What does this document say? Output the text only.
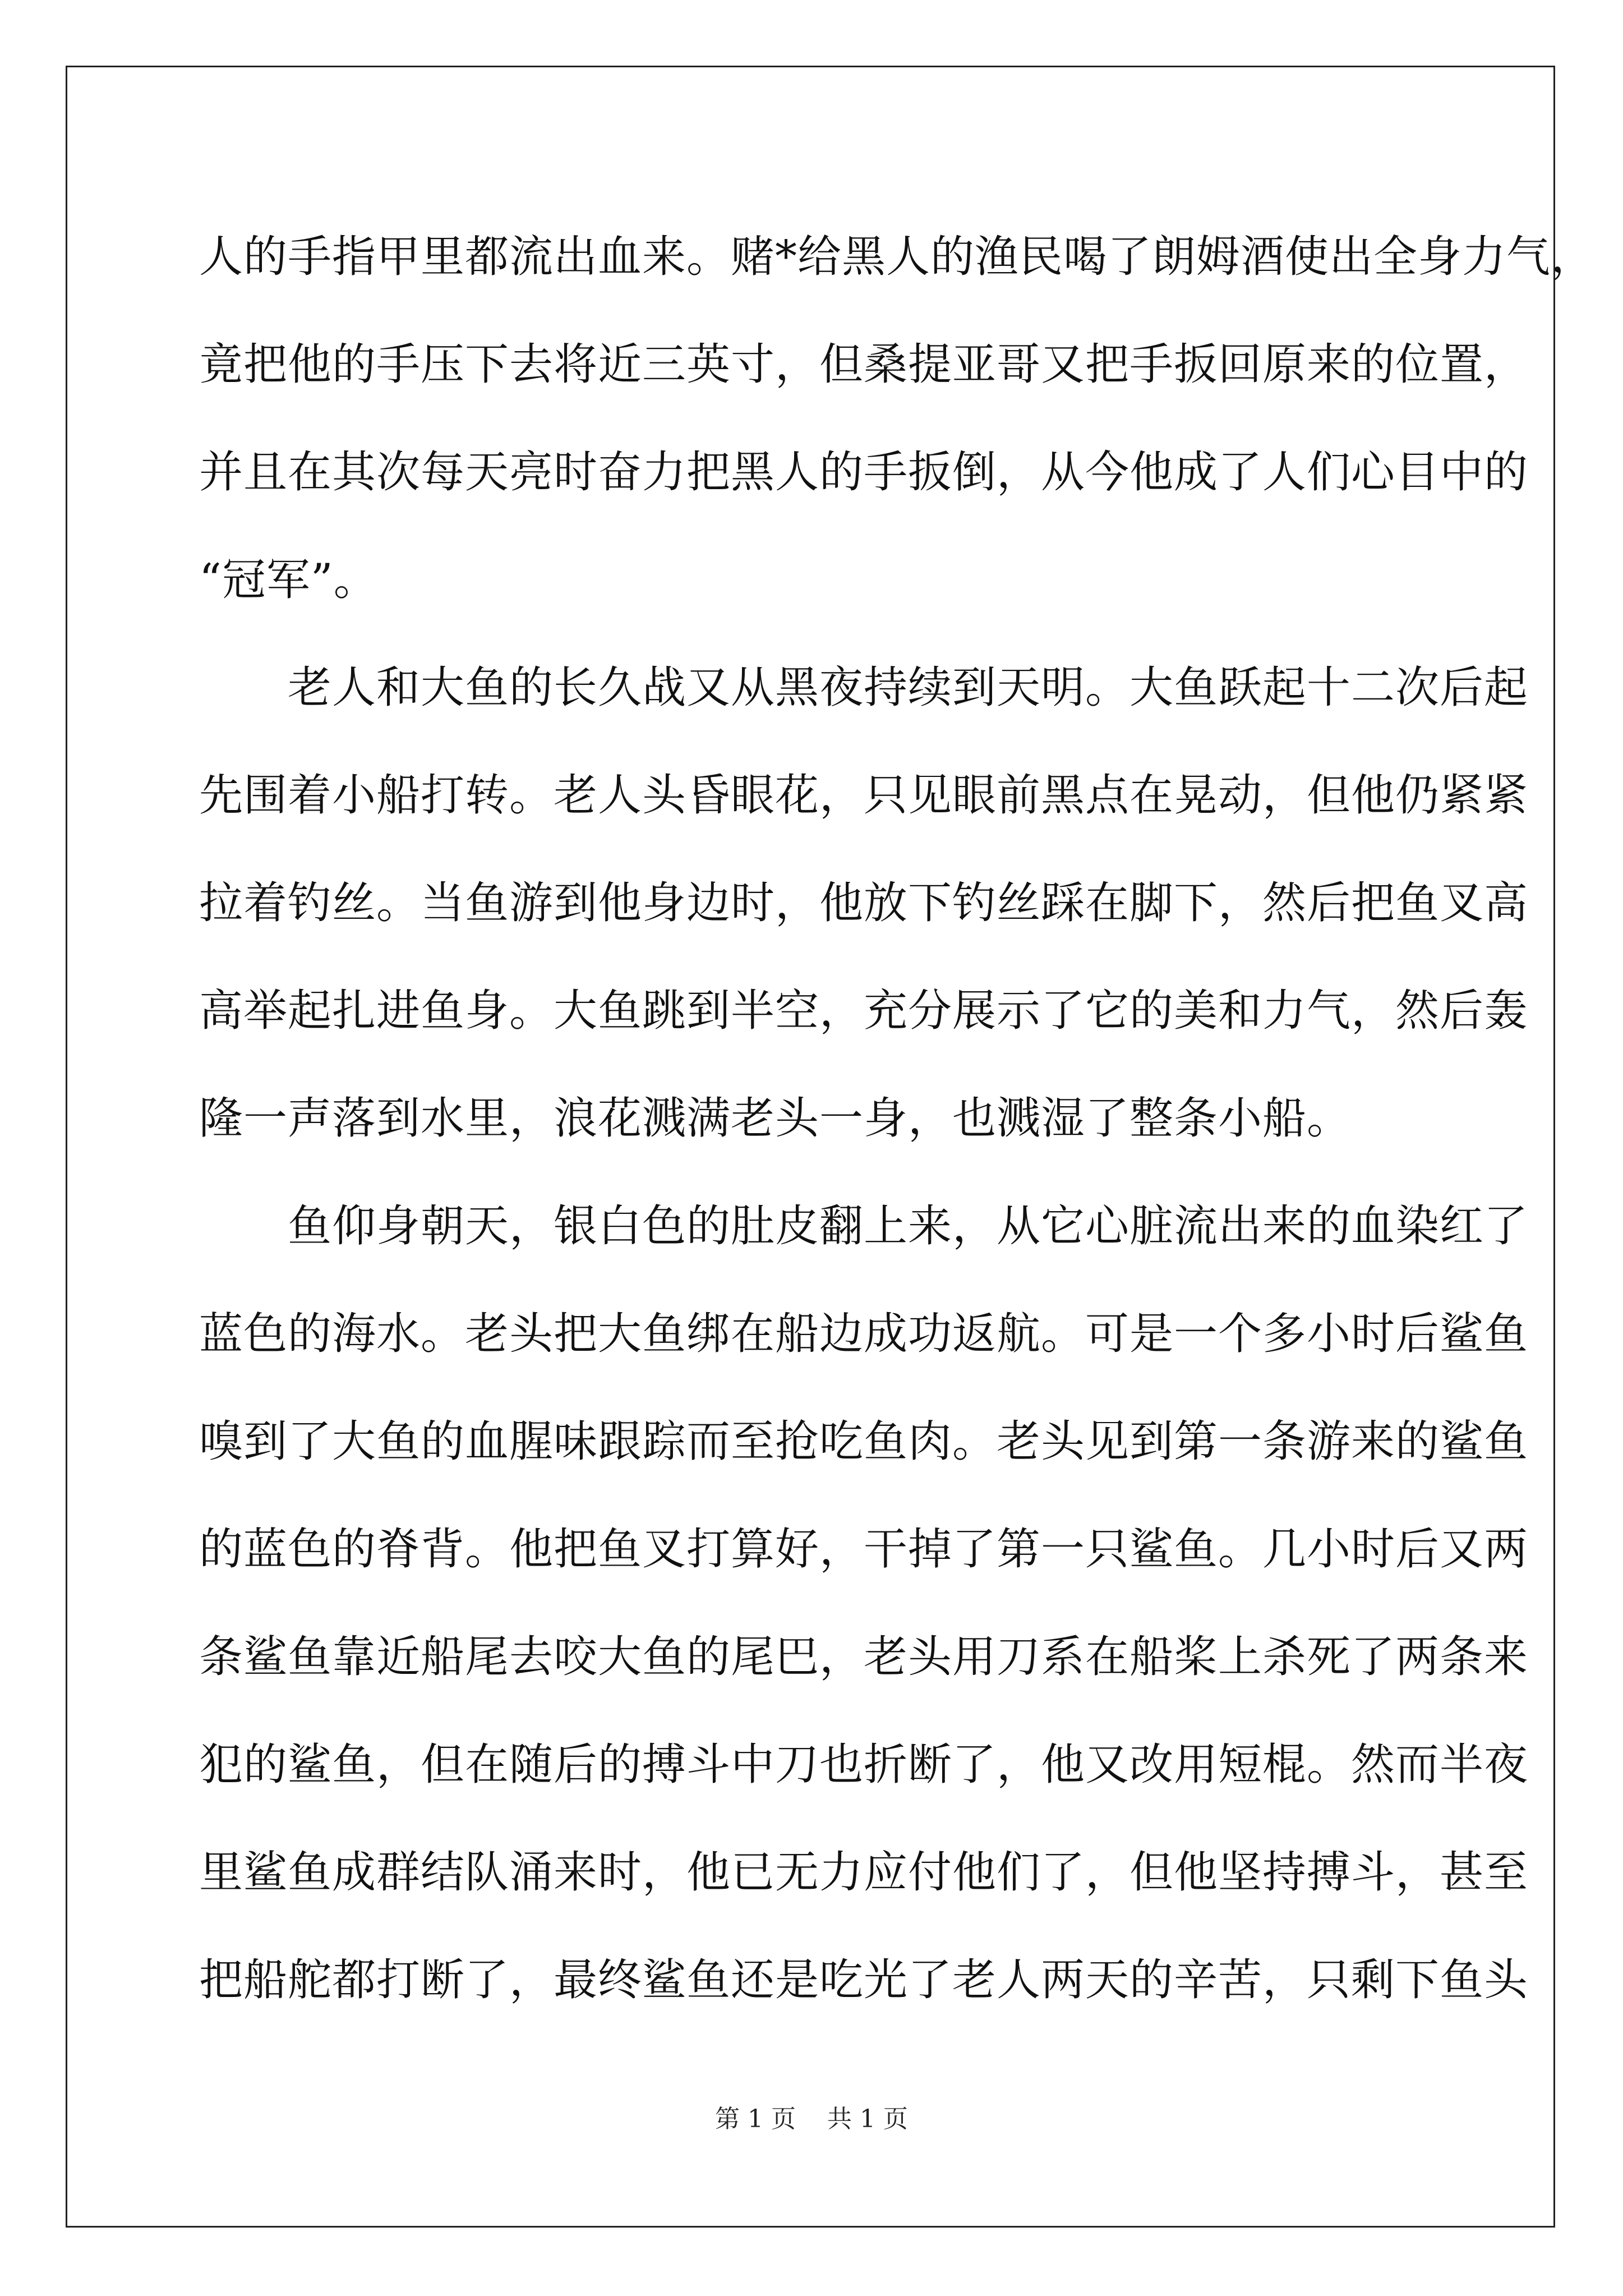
人的手指甲里都流出血来。赌*给黑人的渔民喝了朗姆酒使出全身力气，
竟把他的手压下去将近三英寸，但桑提亚哥又把手扳回原来的位置，
并且在其次每天亮时奋力把黑人的手扳倒，从今他成了人们心目中的
“冠军”。
　　老人和大鱼的长久战又从黑夜持续到天明。大鱼跃起十二次后起
先围着小船打转。老人头昏眼花，只见眼前黑点在晃动，但他仍紧紧
拉着钓丝。当鱼游到他身边时，他放下钓丝踩在脚下，然后把鱼叉高
高举起扎进鱼身。大鱼跳到半空，充分展示了它的美和力气，然后轰
隆一声落到水里，浪花溅满老头一身，也溅湿了整条小船。
　　鱼仰身朝天，银白色的肚皮翻上来，从它心脏流出来的血染红了
蓝色的海水。老头把大鱼绑在船边成功返航。可是一个多小时后鲨鱼
嗅到了大鱼的血腥味跟踪而至抢吃鱼肉。老头见到第一条游来的鲨鱼
的蓝色的脊背。他把鱼叉打算好，干掉了第一只鲨鱼。几小时后又两
条鲨鱼靠近船尾去咬大鱼的尾巴，老头用刀系在船桨上杀死了两条来
犯的鲨鱼，但在随后的搏斗中刀也折断了，他又改用短棍。然而半夜
里鲨鱼成群结队涌来时，他已无力应付他们了，但他坚持搏斗，甚至
把船舵都打断了，最终鲨鱼还是吃光了老人两天的辛苦，只剩下鱼头
第 1 页    共 1 页
